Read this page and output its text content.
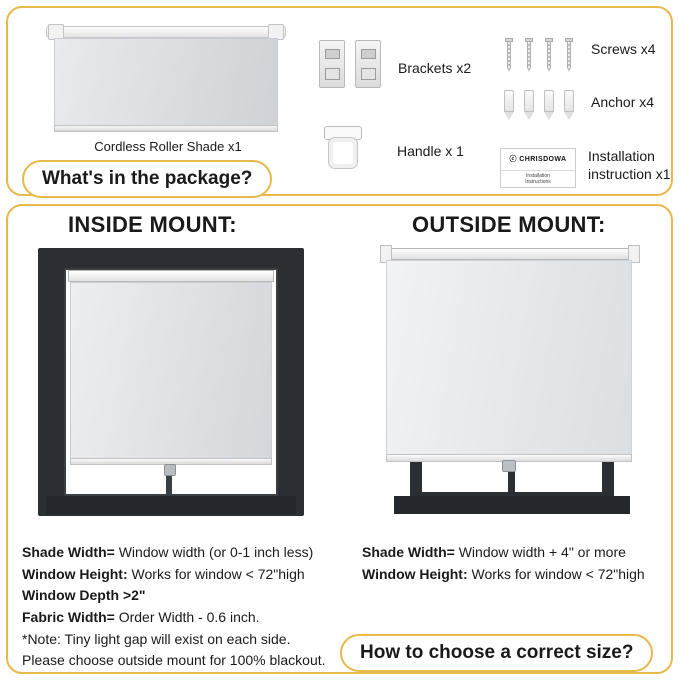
Cordless Roller Shade x1
Brackets x2
Screws x4
Anchor x4
Handle x 1
ⓒ CHRISDOWA
Installation
Instructions
Installation instruction x1
What's in the package?
INSIDE MOUNT:	OUTSIDE MOUNT:
Shade Width= Window width (or 0-1 inch less)
Window Height: Works for window < 72"high
Window Depth >2"
Fabric Width= Order Width - 0.6 inch.
*Note: Tiny light gap will exist on each side.
Please choose outside mount for 100% blackout.
Shade Width= Window width + 4" or more
Window Height: Works for window < 72"high
How to choose a correct size?
